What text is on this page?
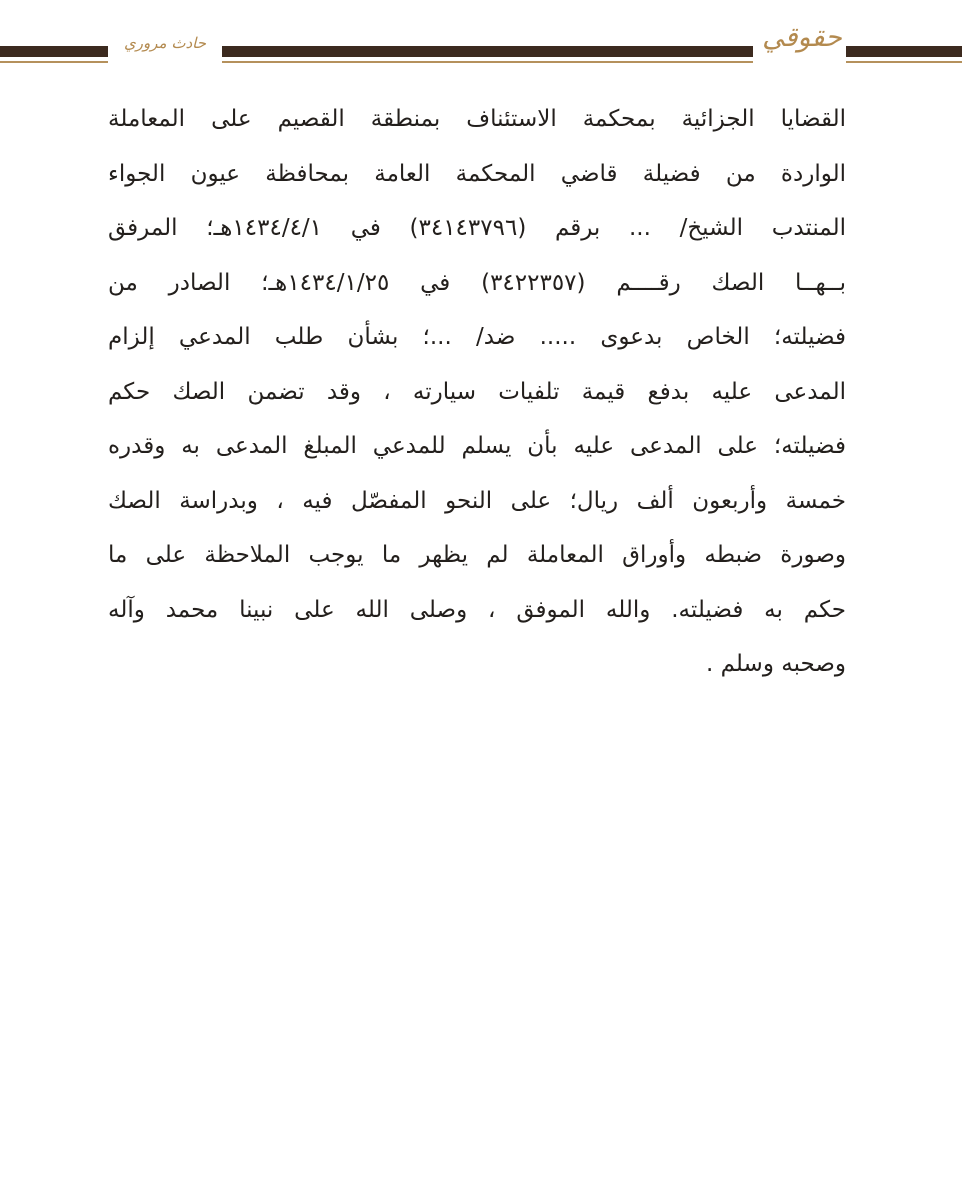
حادث مروري	حقوقي
القضايا الجزائية بمحكمة الاستئناف بمنطقة القصيم على المعاملة
الواردة من فضيلة قاضي المحكمة العامة بمحافظة عيون الجواء
المنتدب الشيخ/ ... برقم (٣٤١٤٣٧٩٦) في ١٤٣٤/٤/١هـ؛ المرفق
بــهــا الصك رقــــم (٣٤٢٢٣٥٧) في ١٤٣٤/١/٢٥هـ؛ الصادر من
فضيلته؛ الخاص بدعوى ..... ضد/ ...؛ بشأن طلب المدعي إلزام
المدعى عليه بدفع قيمة تلفيات سيارته ، وقد تضمن الصك حكم
فضيلته؛ على المدعى عليه بأن يسلم للمدعي المبلغ المدعى به وقدره
خمسة وأربعون ألف ريال؛ على النحو المفصّل فيه ، وبدراسة الصك
وصورة ضبطه وأوراق المعاملة لم يظهر ما يوجب الملاحظة على ما
حكم به فضيلته. والله الموفق ، وصلى الله على نبينا محمد وآله
وصحبه وسلم .
